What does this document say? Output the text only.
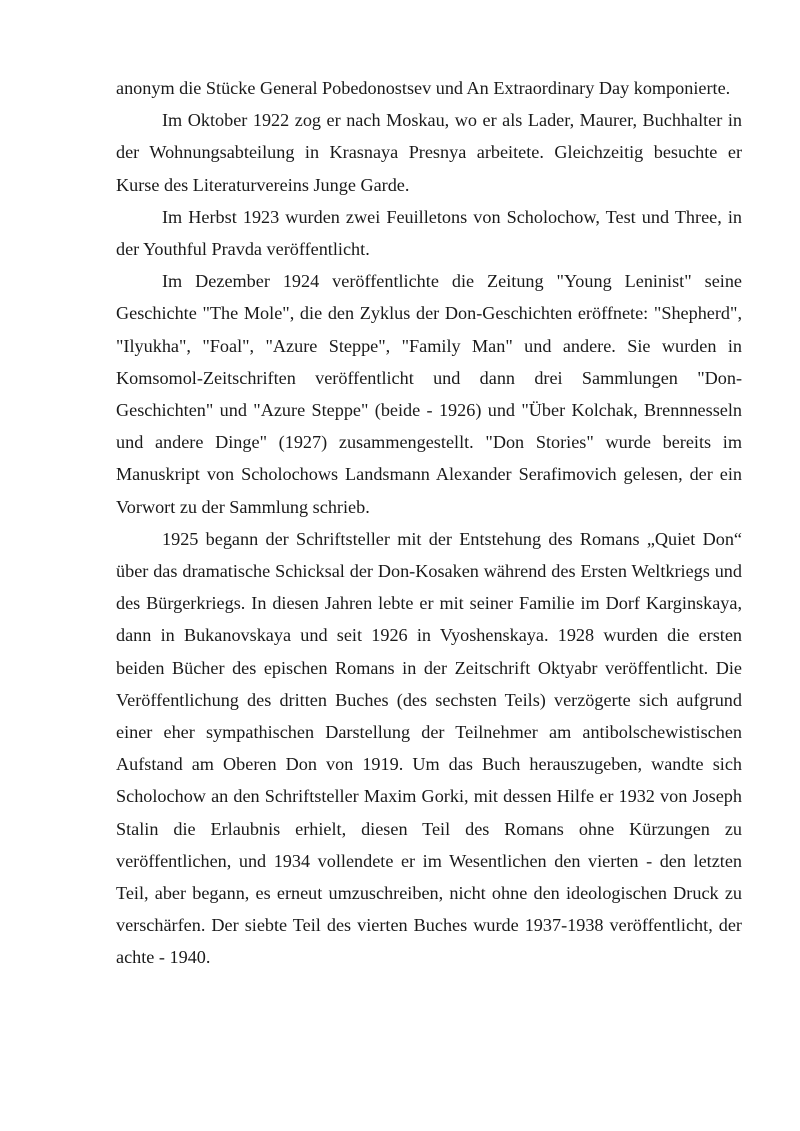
anonym die Stücke General Pobedonostsev und An Extraordinary Day komponierte.

Im Oktober 1922 zog er nach Moskau, wo er als Lader, Maurer, Buchhalter in der Wohnungsabteilung in Krasnaya Presnya arbeitete. Gleichzeitig besuchte er Kurse des Literaturvereins Junge Garde.

Im Herbst 1923 wurden zwei Feuilletons von Scholochow, Test und Three, in der Youthful Pravda veröffentlicht.

Im Dezember 1924 veröffentlichte die Zeitung "Young Leninist" seine Geschichte "The Mole", die den Zyklus der Don-Geschichten eröffnete: "Shepherd", "Ilyukha", "Foal", "Azure Steppe", "Family Man" und andere. Sie wurden in Komsomol-Zeitschriften veröffentlicht und dann drei Sammlungen "Don-Geschichten" und "Azure Steppe" (beide - 1926) und "Über Kolchak, Brennnesseln und andere Dinge" (1927) zusammengestellt. "Don Stories" wurde bereits im Manuskript von Scholochows Landsmann Alexander Serafimovich gelesen, der ein Vorwort zu der Sammlung schrieb.

1925 begann der Schriftsteller mit der Entstehung des Romans „Quiet Don“ über das dramatische Schicksal der Don-Kosaken während des Ersten Weltkriegs und des Bürgerkriegs. In diesen Jahren lebte er mit seiner Familie im Dorf Karginskaya, dann in Bukanovskaya und seit 1926 in Vyoshenskaya. 1928 wurden die ersten beiden Bücher des epischen Romans in der Zeitschrift Oktyabr veröffentlicht. Die Veröffentlichung des dritten Buches (des sechsten Teils) verzögerte sich aufgrund einer eher sympathischen Darstellung der Teilnehmer am antibolschewistischen Aufstand am Oberen Don von 1919. Um das Buch herauszugeben, wandte sich Scholochow an den Schriftsteller Maxim Gorki, mit dessen Hilfe er 1932 von Joseph Stalin die Erlaubnis erhielt, diesen Teil des Romans ohne Kürzungen zu veröffentlichen, und 1934 vollendete er im Wesentlichen den vierten - den letzten Teil, aber begann, es erneut umzuschreiben, nicht ohne den ideologischen Druck zu verschärfen. Der siebte Teil des vierten Buches wurde 1937-1938 veröffentlicht, der achte - 1940.
